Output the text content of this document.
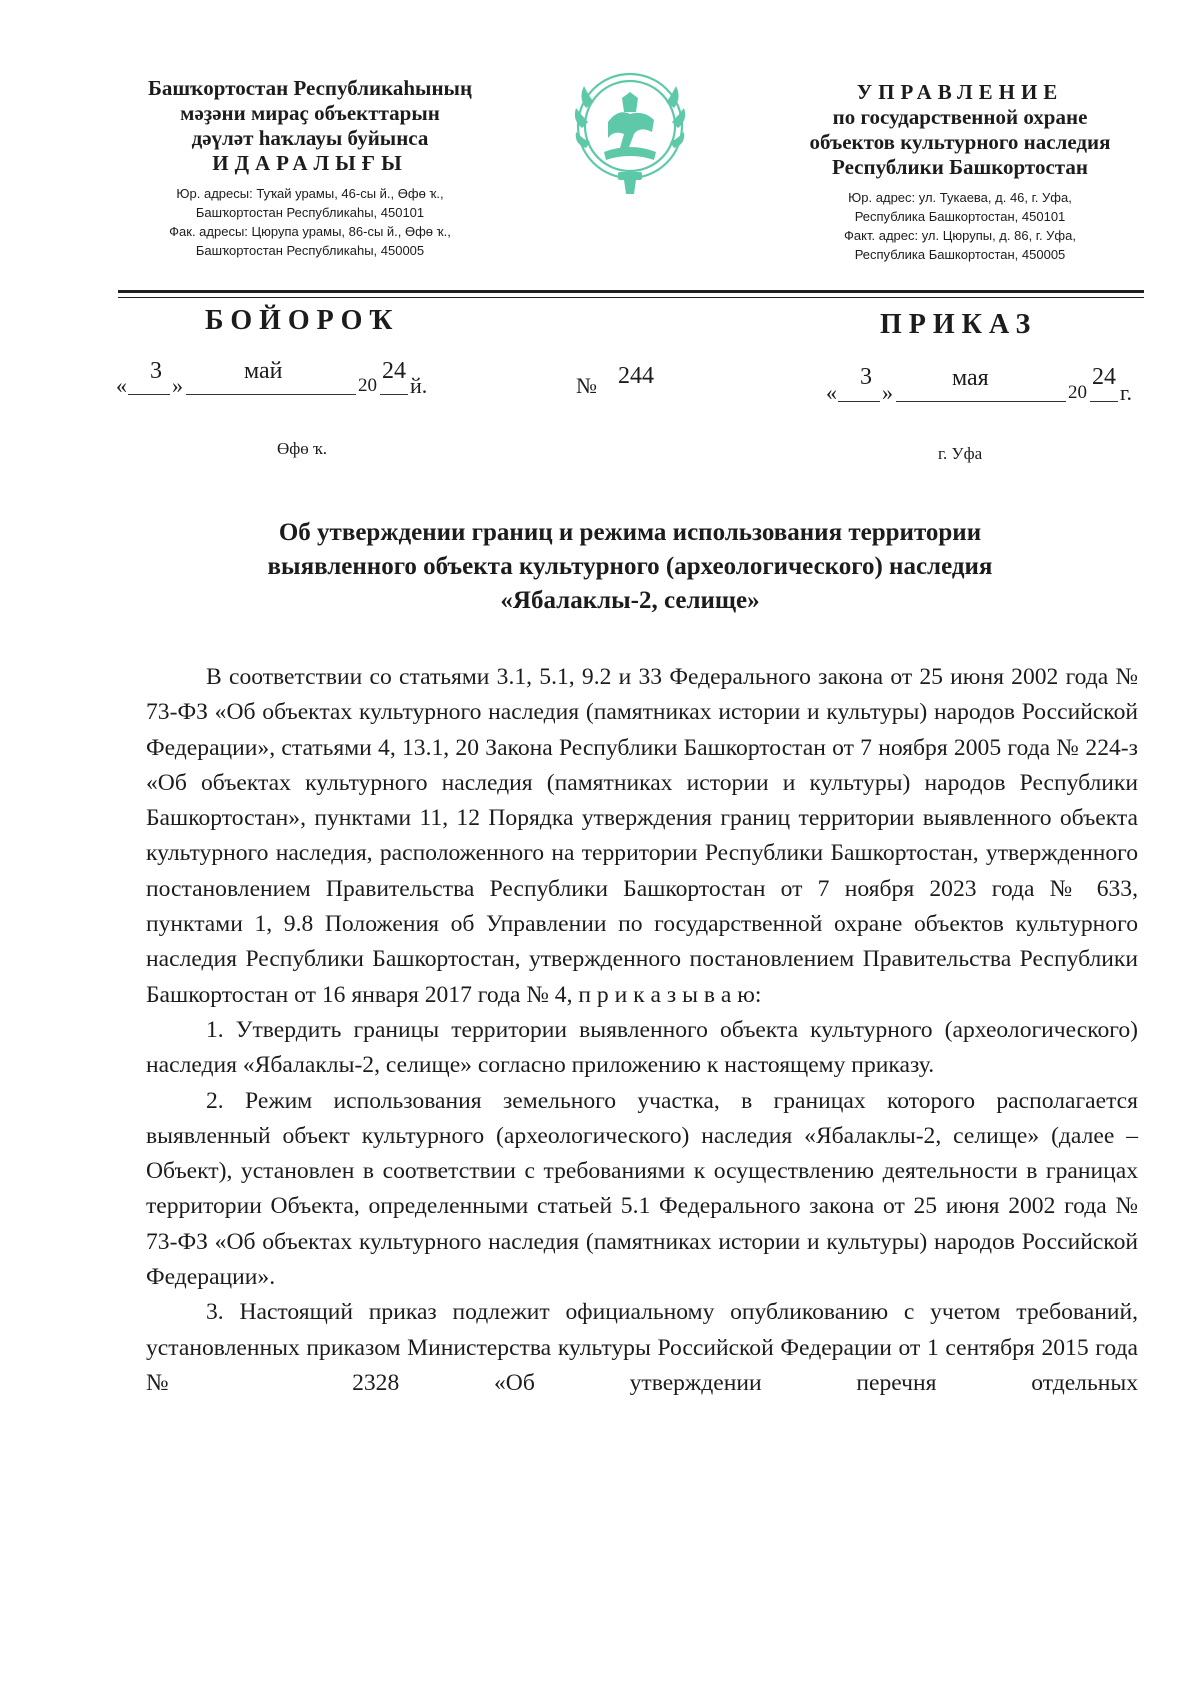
Башҡортостан Республикаһының
мәҙәни мираҫ объекттарын
дәүләт һаҡлауы буйынса
ИДАРАЛЫҒЫ
Юр. адресы: Туҡай урамы, 46-сы й., Өфө ҡ.,
Башҡортостан Республикаһы, 450101
Фак. адресы: Цюрупа урамы, 86-сы й., Өфө ҡ.,
Башҡортостан Республикаһы, 450005
УПРАВЛЕНИЕ
по государственной охране
объектов культурного наследия
Республики Башкортостан
Юр. адрес: ул. Тукаева, д. 46, г. Уфа,
Республика Башкортостан, 450101
Факт. адрес: ул. Цюрупы, д. 86, г. Уфа,
Республика Башкортостан, 450005
БОЙОРОҠ	ПРИКАЗ
«
3
»
май
20
24
й.	№ 244
«
3
»
мая
20
24
г.
Өфө ҡ.	г. Уфа
Об утверждении границ и режима использования территории
выявленного объекта культурного (археологического) наследия
«Ябалаклы-2, селище»

В соответствии со статьями 3.1, 5.1, 9.2 и 33 Федерального закона от 25 июня 2002 года № 73-ФЗ «Об объектах культурного наследия (памятниках истории и культуры) народов Российской Федерации», статьями 4, 13.1, 20 Закона Республики Башкортостан от 7 ноября 2005 года № 224-з «Об объектах культурного наследия (памятниках истории и культуры) народов Республики Башкортостан», пунктами 11, 12 Порядка утверждения границ территории выявленного объекта культурного наследия, расположенного на территории Республики Башкортостан, утвержденного постановлением Правительства Республики Башкортостан от 7 ноября 2023 года № 633, пунктами 1, 9.8 Положения об Управлении по государственной охране объектов культурного наследия Республики Башкортостан, утвержденного постановлением Правительства Республики Башкортостан от 16 января 2017 года № 4, п р и к а з ы в а ю:

1. Утвердить границы территории выявленного объекта культурного (археологического) наследия «Ябалаклы-2, селище» согласно приложению к настоящему приказу.

2. Режим использования земельного участка, в границах которого располагается выявленный объект культурного (археологического) наследия «Ябалаклы-2, селище» (далее – Объект), установлен в соответствии с требованиями к осуществлению деятельности в границах территории Объекта, определенными статьей 5.1 Федерального закона от 25 июня 2002 года № 73-ФЗ «Об объектах культурного наследия (памятниках истории и культуры) народов Российской Федерации».

3. Настоящий приказ подлежит официальному опубликованию с учетом требований, установленных приказом Министерства культуры Российской Федерации от 1 сентября 2015 года № 2328 «Об утверждении перечня отдельных
